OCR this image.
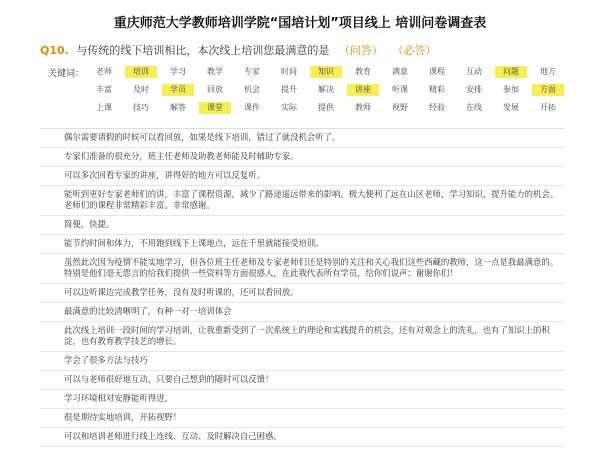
重庆师范大学教师培训学院“国培计划”项目线上 培训问卷调查表
Q10. 与传统的线下培训相比，本次线上培训您最满意的是 （问答） （必答）
关键词：	老师	培训	学习	教学	专家	时间	知识	教育	满意	课程	互动	问题	地方
丰富	及时	学员	回放	机会	提升	解决	讲座	听课	精彩	安排	参加	方面
上课	技巧	解答	课堂	课件	实际	提供	教师	视野	经验	在线	发展	开拓
偶尔需要请假的时候可以看回放，如果是线下培训，错过了就没机会听了。
专家们准备的很充分，班主任老师及助教老师能及时辅助专家。
可以多次回看专家的讲座，讲得好的地方可以反复听。
能听到更好专家老师们的讲，丰富了课程资源，减少了路途遥远带来的影响。极大便利了远在山区老师，学习知识，提升能力的机会。老师们的课程非常精彩丰富。非常感谢。
简便，快捷。
能节约时间和体力，不用跑到线下上课地点，远在千里就能接受培训。
虽然此次因为疫情不能实地学习，但各位班主任老师及专家老师们还是特别的关注和关心我们这些西藏的教师，这一点是我最满意的。特别是他们毫无怨言的给我们提供一些资料等方面很感人，在此我代表所有学员，给你们说声：谢谢你们！
可以边听课边完成教学任务，没有及时听课的，还可以看回放。
最满意的比较清晰明了，有种一对一培训体会
此次线上培训一段时间的学习培训，让我重新受到了一次系统上的理论和实践提升的机会，还有对观念上的洗礼，也有了知识上的积淀，也有教育教学技艺的增长。
学会了很多方法与技巧
可以与老师很好地互动，只要自己想到的随时可以反馈！
学习环境相对安静能听得进，
很是期待实地培训，开拓视野！
可以和培训老师进行线上连线、互动、及时解决自己困惑。
